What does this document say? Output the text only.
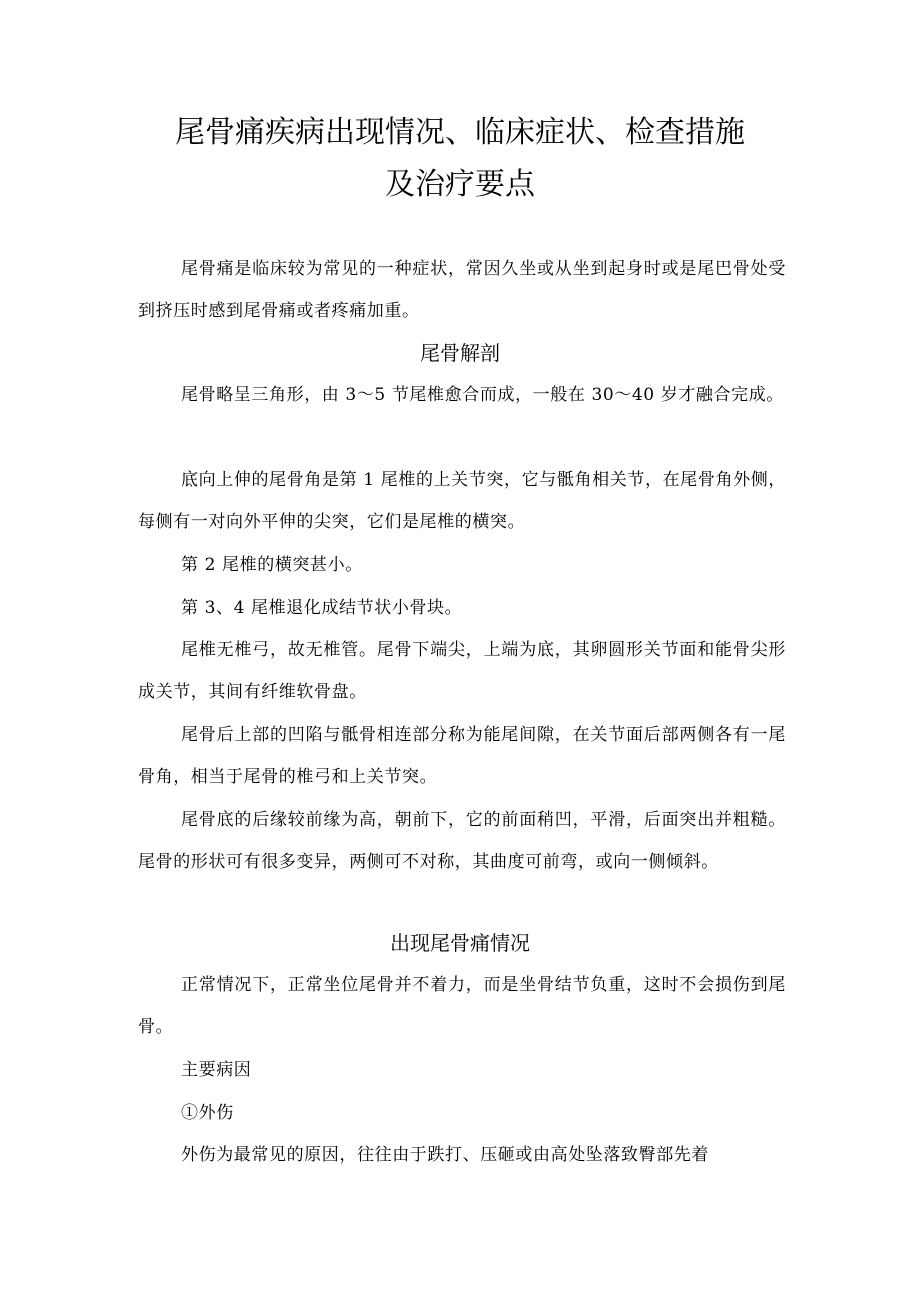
尾骨痛疾病出现情况、临床症状、检查措施
及治疗要点

尾骨痛是临床较为常见的一种症状，常因久坐或从坐到起身时或是尾巴骨处受到挤压时感到尾骨痛或者疼痛加重。

尾骨解剖

尾骨略呈三角形，由 3～5 节尾椎愈合而成，一般在 30～40 岁才融合完成。

底向上伸的尾骨角是第 1 尾椎的上关节突，它与骶角相关节，在尾骨角外侧，每侧有一对向外平伸的尖突，它们是尾椎的横突。

第 2 尾椎的横突甚小。

第 3、4 尾椎退化成结节状小骨块。

尾椎无椎弓，故无椎管。尾骨下端尖，上端为底，其卵圆形关节面和能骨尖形成关节，其间有纤维软骨盘。

尾骨后上部的凹陷与骶骨相连部分称为能尾间隙，在关节面后部两侧各有一尾骨角，相当于尾骨的椎弓和上关节突。

尾骨底的后缘较前缘为高，朝前下，它的前面稍凹，平滑，后面突出并粗糙。尾骨的形状可有很多变异，两侧可不对称，其曲度可前弯，或向一侧倾斜。

出现尾骨痛情况

正常情况下，正常坐位尾骨并不着力，而是坐骨结节负重，这时不会损伤到尾骨。

主要病因

①外伤

外伤为最常见的原因，往往由于跌打、压砸或由高处坠落致臀部先着
